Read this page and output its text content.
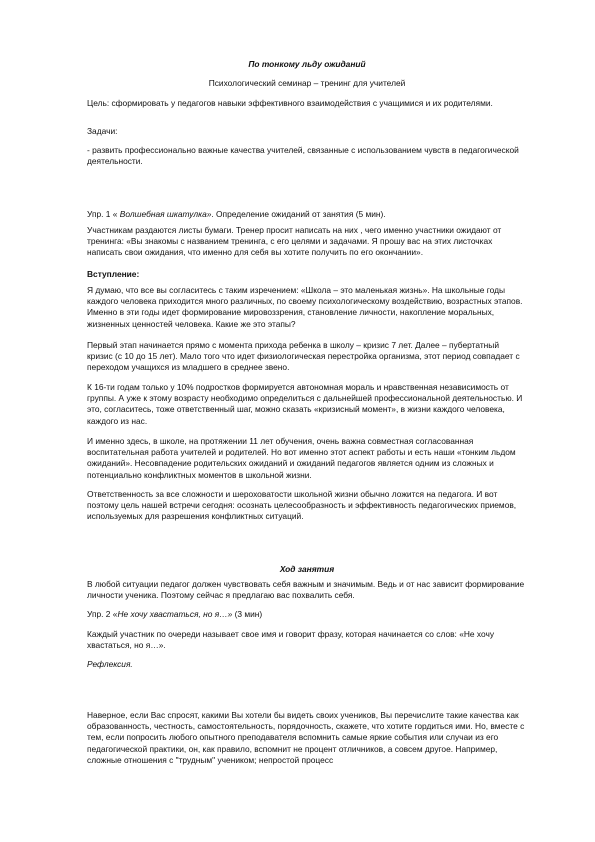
По тонкому льду ожиданий

Психологический семинар – тренинг для учителей

Цель: сформировать у педагогов навыки эффективного взаимодействия с учащимися и их родителями.

Задачи:

- развить профессионально важные качества учителей, связанные с использованием чувств в педагогической деятельности.

Упр. 1 « Волшебная шкатулка». Определение ожиданий от занятия (5 мин).

Участникам раздаются листы бумаги. Тренер просит написать на них , чего именно участники ожидают от тренинга: «Вы знакомы с названием тренинга, с его целями и задачами. Я прошу вас на этих листочках написать свои ожидания, что именно для себя вы хотите получить по его окончании».

Вступление:

Я думаю, что все вы согласитесь с таким изречением: «Школа – это маленькая жизнь». На школьные годы каждого человека приходится много различных, по своему психологическому воздействию, возрастных этапов. Именно в эти годы идет формирование мировоззрения, становление личности, накопление моральных, жизненных ценностей человека. Какие же это этапы?

Первый этап начинается прямо с момента прихода ребенка в школу – кризис 7 лет. Далее – пубертатный кризис (с 10 до 15 лет). Мало того что идет физиологическая перестройка организма, этот период совпадает с переходом учащихся из младшего в среднее звено.

К 16-ти годам только у 10% подростков формируется автономная мораль и нравственная независимость от группы. А уже к этому возрасту необходимо определиться с дальнейшей профессиональной деятельностью. И это, согласитесь, тоже ответственный шаг, можно сказать «кризисный момент», в жизни каждого человека, каждого из нас.

И именно здесь, в школе, на протяжении 11 лет обучения, очень важна совместная согласованная воспитательная работа учителей и родителей. Но вот именно этот аспект работы и есть наши «тонким льдом ожиданий». Несовпадение родительских ожиданий и ожиданий педагогов является одним из сложных и потенциально конфликтных моментов в школьной жизни.

Ответственность за все сложности и шероховатости школьной жизни обычно ложится на педагога. И вот поэтому цель нашей встречи сегодня: осознать целесообразность и эффективность педагогических приемов, используемых для разрешения конфликтных ситуаций.

Ход занятия

В любой ситуации педагог должен чувствовать себя важным и значимым. Ведь и от нас зависит формирование личности ученика. Поэтому сейчас я предлагаю вас похвалить себя.

Упр. 2 «Не хочу хвастаться, но я…» (3 мин)

Каждый участник по очереди называет свое имя и говорит фразу, которая начинается со слов: «Не хочу хвастаться, но я…».

Рефлексия.

Наверное, если Вас спросят, какими Вы хотели бы видеть своих учеников, Вы перечислите такие качества как образованность, честность, самостоятельность, порядочность, скажете, что хотите гордиться ими. Но, вместе с тем, если попросить любого опытного преподавателя вспомнить самые яркие события или случаи из его педагогической практики, он, как правило, вспомнит не процент отличников, а совсем другое. Например, сложные отношения с "трудным" учеником; непростой процесс
